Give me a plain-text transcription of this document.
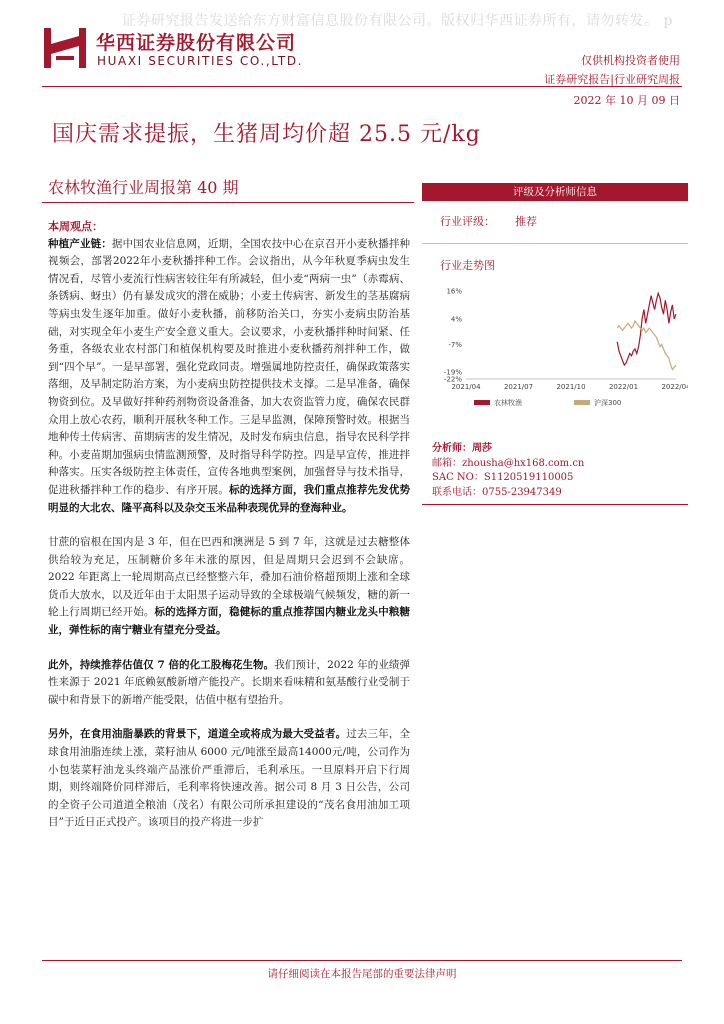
证券研究报告发送给东方财富信息股份有限公司。版权归华西证券所有，请勿转发。 p
华西证券股份有限公司
HUAXI SECURITIES CO.,LTD.	仅供机构投资者使用
证券研究报告|行业研究周报
2022 年 10 月 09 日
国庆需求提振，生猪周均价超 25.5 元/kg
农林牧渔行业周报第 40 期

本周观点：

种植产业链：据中国农业信息网，近期，全国农技中心在京召开小麦秋播拌种视频会，部署2022年小麦秋播拌种工作。会议指出，从今年秋夏季病虫发生情况看，尽管小麦流行性病害较往年有所减轻，但小麦“两病一虫”（赤霉病、条锈病、蚜虫）仍有暴发成灾的潜在威胁；小麦土传病害、新发生的茎基腐病等病虫发生逐年加重。做好小麦秋播，前移防治关口，夯实小麦病虫防治基础，对实现全年小麦生产安全意义重大。会议要求，小麦秋播拌种时间紧、任务重，各级农业农村部门和植保机构要及时推进小麦秋播药剂拌种工作，做到“四个早”。一是早部署，强化党政同责。增强属地防控责任，确保政策落实落细，及早制定防治方案，为小麦病虫防控提供技术支撑。二是早准备，确保物资到位。及早做好拌种药剂物资设备准备，加大农资监管力度，确保农民群众用上放心农药，顺利开展秋冬种工作。三是早监测，保障预警时效。根据当地种传土传病害、苗期病害的发生情况，及时发布病虫信息，指导农民科学拌种。小麦苗期加强病虫情监测预警，及时指导科学防控。四是早宣传，推进拌种落实。压实各级防控主体责任，宣传各地典型案例，加强督导与技术指导，促进秋播拌种工作的稳步、有序开展。标的选择方面，我们重点推荐先发优势明显的大北农、隆平高科以及杂交玉米品种表现优异的登海种业。

甘蔗的宿根在国内是 3 年，但在巴西和澳洲是 5 到 7 年，这就是过去糖整体供给较为充足，压制糖价多年未涨的原因，但是周期只会迟到不会缺席。2022 年距离上一轮周期高点已经整整六年，叠加石油价格超预期上涨和全球货币大放水，以及近年由于太阳黑子运动导致的全球极端气候频发，糖的新一轮上行周期已经开始。标的选择方面，稳健标的重点推荐国内糖业龙头中粮糖业，弹性标的南宁糖业有望充分受益。

此外，持续推荐估值仅 7 倍的化工股梅花生物。我们预计，2022 年的业绩弹性来源于 2021 年底赖氨酸新增产能投产。长期来看味精和氨基酸行业受制于碳中和背景下的新增产能受限，估值中枢有望抬升。

另外，在食用油脂暴跌的背景下，道道全或将成为最大受益者。过去三年，全球食用油脂连续上涨，菜籽油从 6000 元/吨涨至最高14000元/吨，公司作为小包装菜籽油龙头终端产品涨价严重滞后，毛利承压。一旦原料开启下行周期，则终端降价同样滞后，毛利率将快速改善。据公司 8 月 3 日公告，公司的全资子公司道道全粮油（茂名）有限公司所承担建设的“茂名食用油加工项目”于近日正式投产。该项目的投产将进一步扩

评级及分析师信息
行业评级： 推荐
行业走势图
16%
4%
-7%
-19%
-22%
2021/04	2021/07	2021/10	2022/01	2022/04
农林牧渔	沪深300
分析师：周莎
邮箱：zhousha@hx168.com.cn
SAC NO：S1120519110005
联系电话：0755-23947349
请仔细阅读在本报告尾部的重要法律声明
